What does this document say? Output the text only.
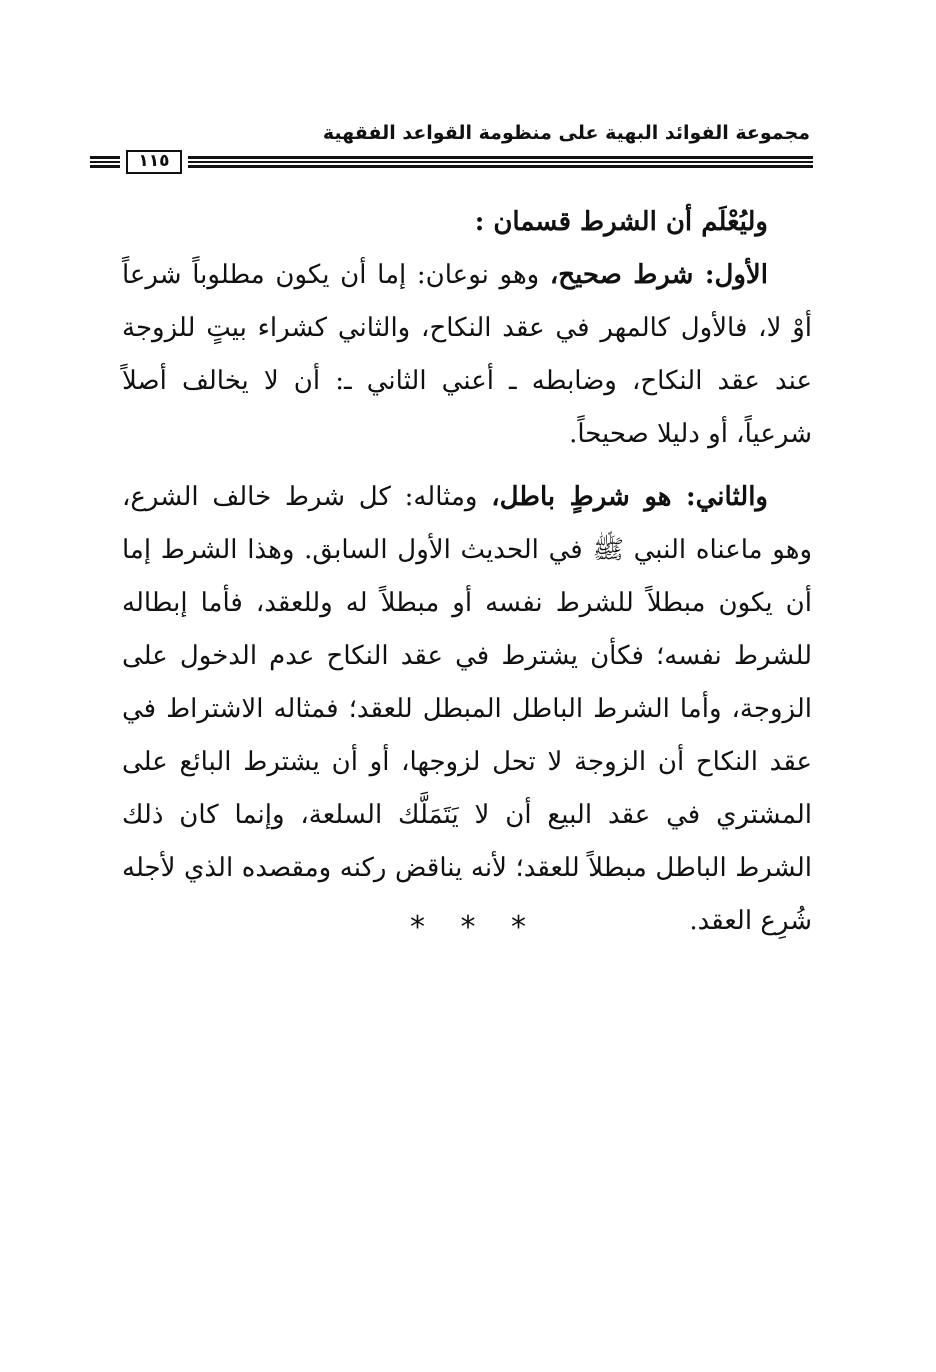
مجموعة الفوائد البهية على منظومة القواعد الفقهية
١١٥

وليُعْلَم أن الشرط قسمان :

الأول: شرط صحيح، وهو نوعان: إما أن يكون مطلوباً شرعاً أوْ لا، فالأول كالمهر في عقد النكاح، والثاني كشراء بيتٍ للزوجة عند عقد النكاح، وضابطه ـ أعني الثاني ـ: أن لا يخالف أصلاً شرعياً، أو دليلا صحيحاً.

والثاني: هو شرطٍ باطل، ومثاله: كل شرط خالف الشرع، وهو ماعناه النبي ﷺ في الحديث الأول السابق. وهذا الشرط إما أن يكون مبطلاً للشرط نفسه أو مبطلاً له وللعقد، فأما إبطاله للشرط نفسه؛ فكأن يشترط في عقد النكاح عدم الدخول على الزوجة، وأما الشرط الباطل المبطل للعقد؛ فمثاله الاشتراط في عقد النكاح أن الزوجة لا تحل لزوجها، أو أن يشترط البائع على المشتري في عقد البيع أن لا يَتَمَلَّك السلعة، وإنما كان ذلك الشرط الباطل مبطلاً للعقد؛ لأنه يناقض ركنه ومقصده الذي لأجله شُرِع العقد.

* * *
